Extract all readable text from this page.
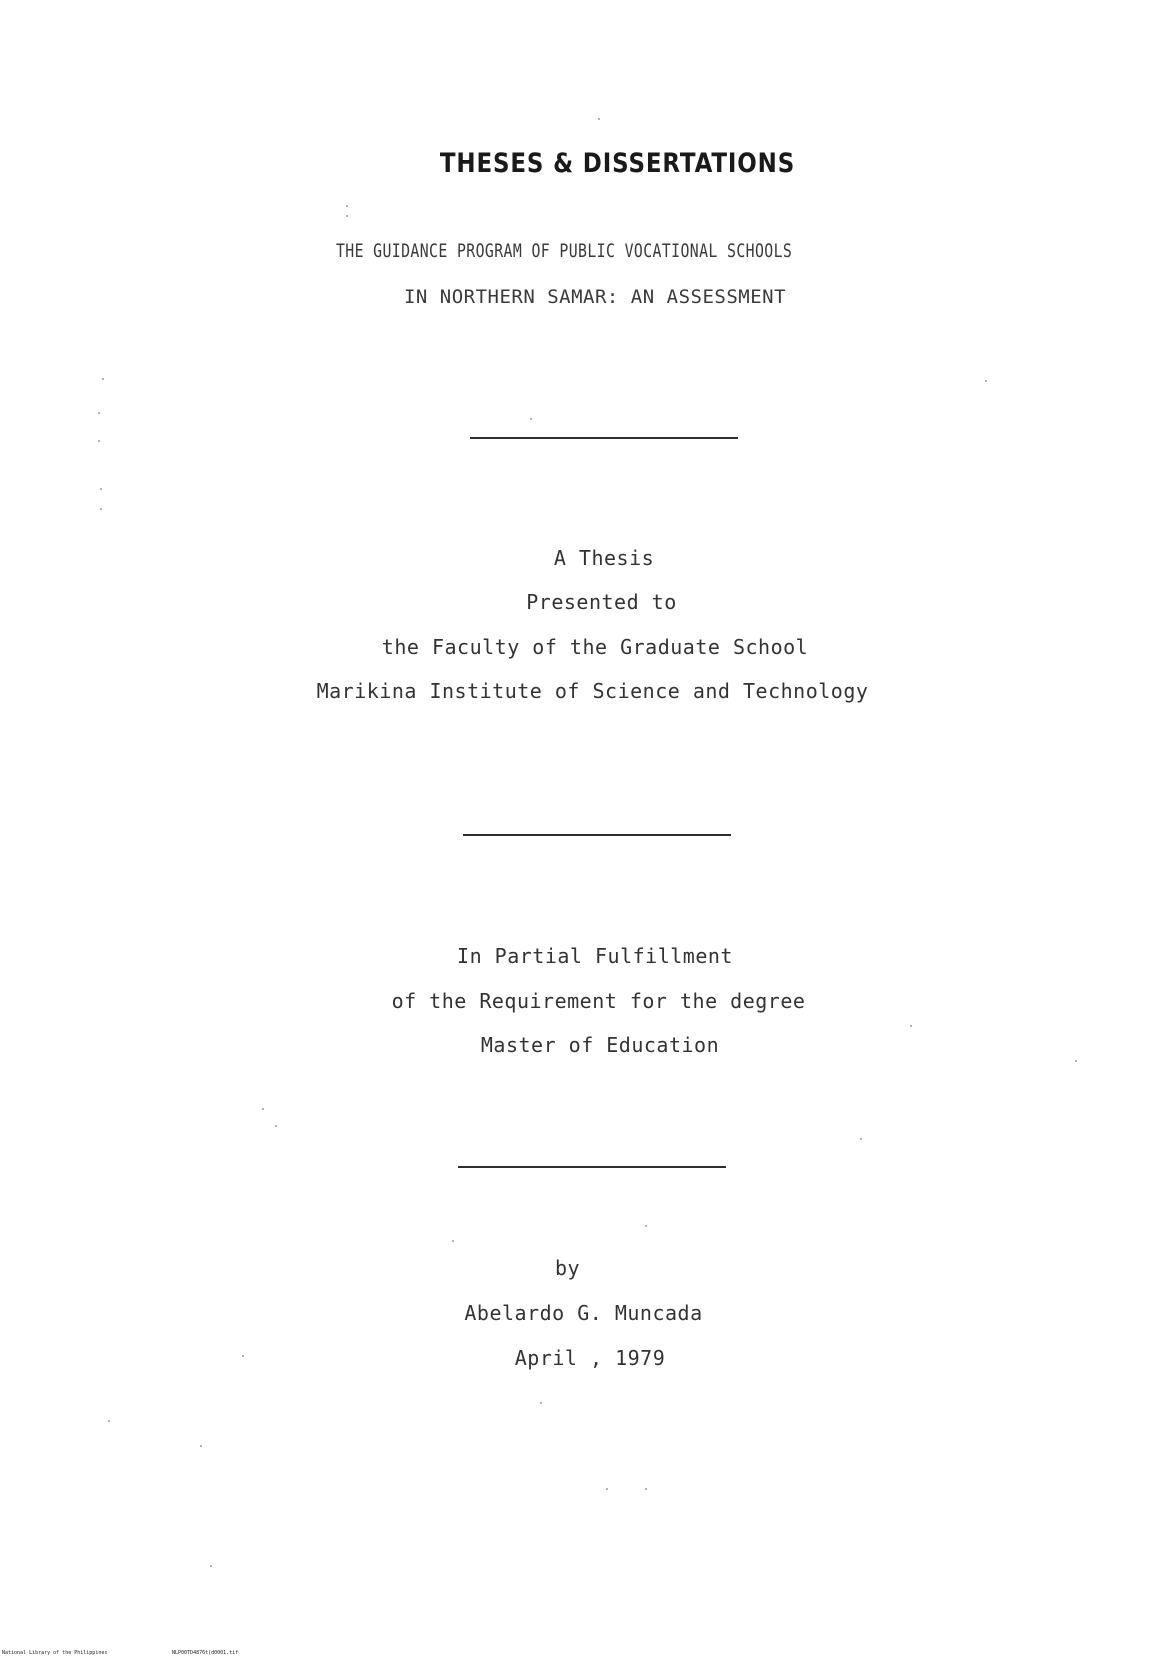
THESES & DISSERTATIONS
THE GUIDANCE PROGRAM OF PUBLIC VOCATIONAL SCHOOLS
IN NORTHERN SAMAR: AN ASSESSMENT
A Thesis
Presented to
the Faculty of the Graduate School
Marikina Institute of Science and Technology
In Partial Fulfillment
of the Requirement for the degree
Master of Education
by
Abelardo G. Muncada
April , 1979
National Library of the Philippines	NLP00TD4876t(d0001.tif
